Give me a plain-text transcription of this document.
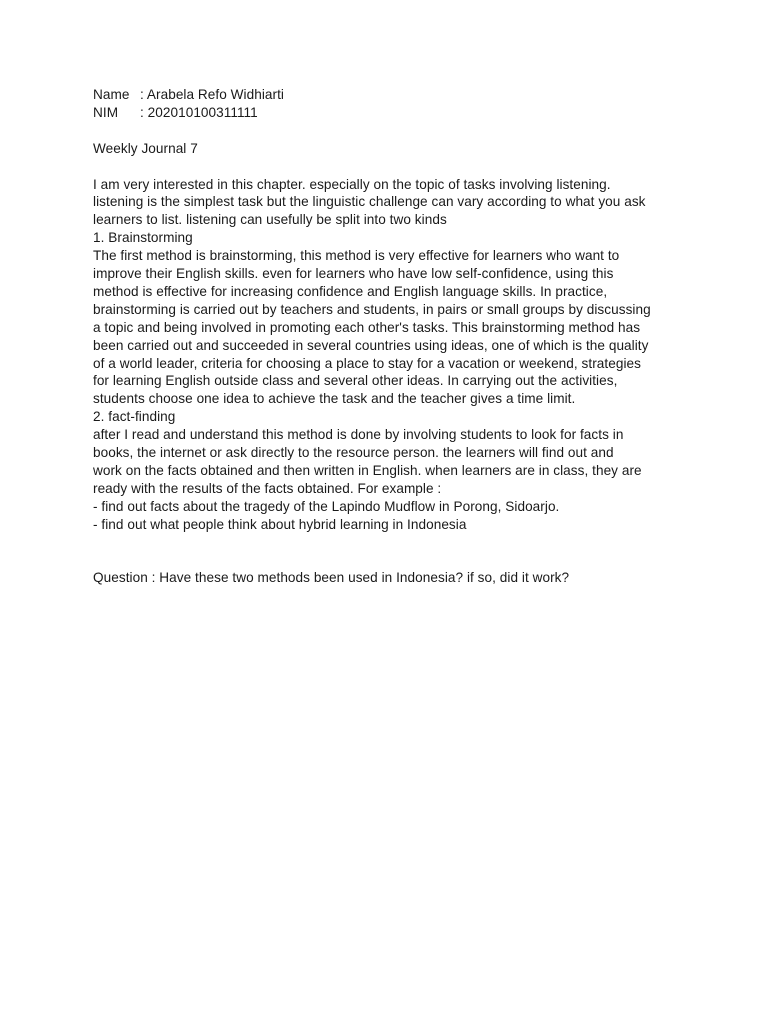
Name : Arabela Refo Widhiarti
NIM : 202010100311111
Weekly Journal 7
I am very interested in this chapter. especially on the topic of tasks involving listening.
listening is the simplest task but the linguistic challenge can vary according to what you ask
learners to list. listening can usefully be split into two kinds
1. Brainstorming
The first method is brainstorming, this method is very effective for learners who want to
improve their English skills. even for learners who have low self-confidence, using this
method is effective for increasing confidence and English language skills. In practice,
brainstorming is carried out by teachers and students, in pairs or small groups by discussing
a topic and being involved in promoting each other's tasks. This brainstorming method has
been carried out and succeeded in several countries using ideas, one of which is the quality
of a world leader, criteria for choosing a place to stay for a vacation or weekend, strategies
for learning English outside class and several other ideas. In carrying out the activities,
students choose one idea to achieve the task and the teacher gives a time limit.
2. fact-finding
after I read and understand this method is done by involving students to look for facts in
books, the internet or ask directly to the resource person. the learners will find out and
work on the facts obtained and then written in English. when learners are in class, they are
ready with the results of the facts obtained. For example :
- find out facts about the tragedy of the Lapindo Mudflow in Porong, Sidoarjo.
- find out what people think about hybrid learning in Indonesia
Question : Have these two methods been used in Indonesia? if so, did it work?
